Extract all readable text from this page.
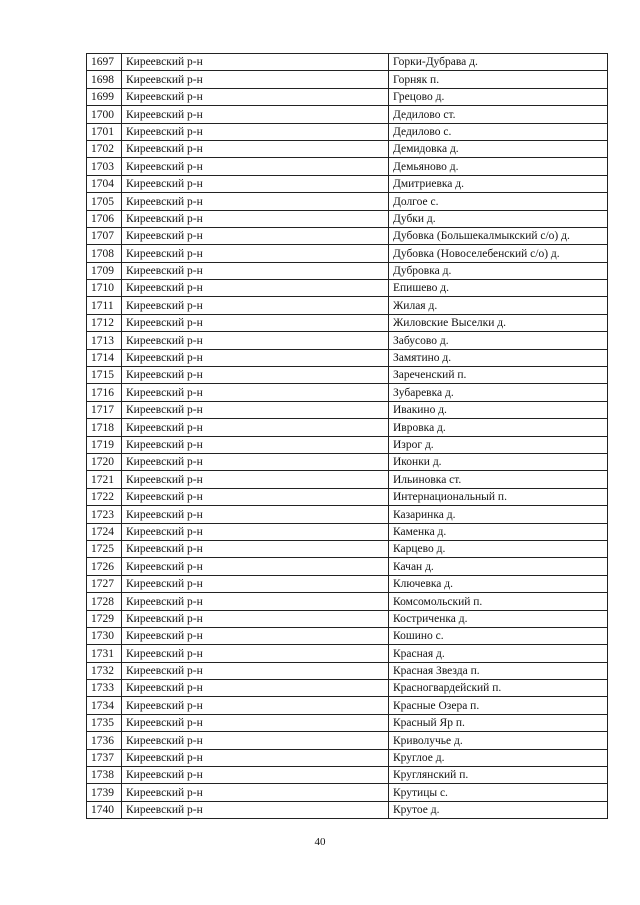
1697	Киреевский р-н	Горки-Дубрава д.
1698	Киреевский р-н	Горняк п.
1699	Киреевский р-н	Грецово д.
1700	Киреевский р-н	Дедилово ст.
1701	Киреевский р-н	Дедилово с.
1702	Киреевский р-н	Демидовка д.
1703	Киреевский р-н	Демьяново д.
1704	Киреевский р-н	Дмитриевка д.
1705	Киреевский р-н	Долгое с.
1706	Киреевский р-н	Дубки д.
1707	Киреевский р-н	Дубовка (Большекалмыкский с/о) д.
1708	Киреевский р-н	Дубовка (Новоселебенский с/о) д.
1709	Киреевский р-н	Дубровка д.
1710	Киреевский р-н	Епишево д.
1711	Киреевский р-н	Жилая д.
1712	Киреевский р-н	Жиловские Выселки д.
1713	Киреевский р-н	Забусово д.
1714	Киреевский р-н	Замятино д.
1715	Киреевский р-н	Зареченский п.
1716	Киреевский р-н	Зубаревка д.
1717	Киреевский р-н	Ивакино д.
1718	Киреевский р-н	Ивровка д.
1719	Киреевский р-н	Изрог д.
1720	Киреевский р-н	Иконки д.
1721	Киреевский р-н	Ильиновка ст.
1722	Киреевский р-н	Интернациональный п.
1723	Киреевский р-н	Казаринка д.
1724	Киреевский р-н	Каменка д.
1725	Киреевский р-н	Карцево д.
1726	Киреевский р-н	Качан д.
1727	Киреевский р-н	Ключевка д.
1728	Киреевский р-н	Комсомольский п.
1729	Киреевский р-н	Костриченка д.
1730	Киреевский р-н	Кошино с.
1731	Киреевский р-н	Красная д.
1732	Киреевский р-н	Красная Звезда п.
1733	Киреевский р-н	Красногвардейский п.
1734	Киреевский р-н	Красные Озера п.
1735	Киреевский р-н	Красный Яр п.
1736	Киреевский р-н	Криволучье д.
1737	Киреевский р-н	Круглое д.
1738	Киреевский р-н	Круглянский п.
1739	Киреевский р-н	Крутицы с.
1740	Киреевский р-н	Крутое д.
40
